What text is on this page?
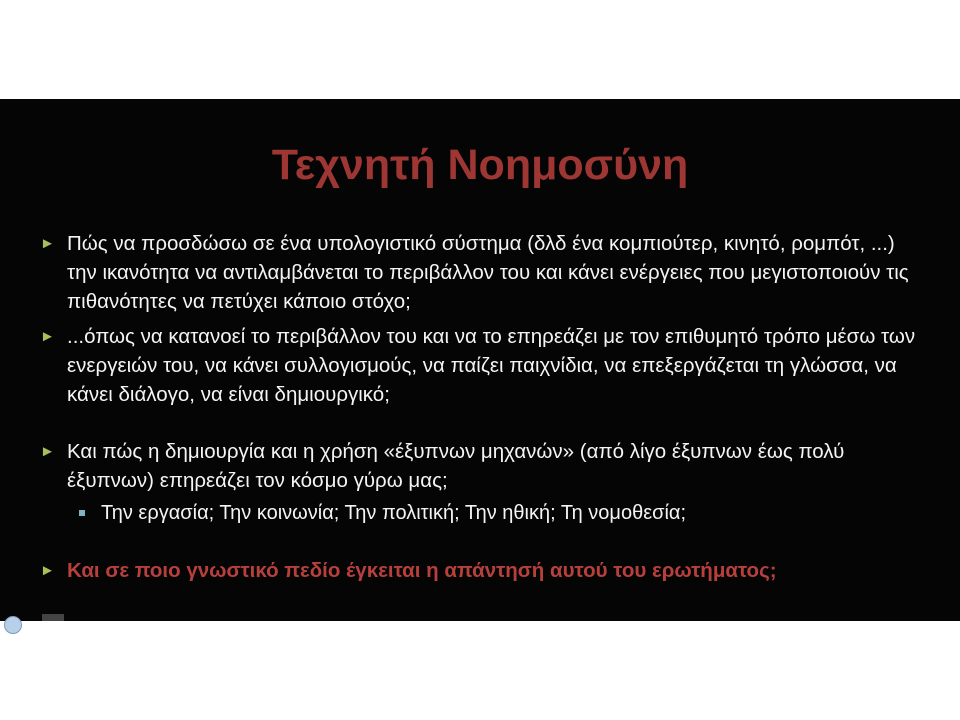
Τεχνητή Νοημοσύνη
► Πώς να προσδώσω σε ένα υπολογιστικό σύστημα (δλδ ένα κομπιούτερ, κινητό, ρομπότ, ...) την ικανότητα να αντιλαμβάνεται το περιβάλλον του και κάνει ενέργειες που μεγιστοποιούν τις πιθανότητες να πετύχει κάποιο στόχο;
► ...όπως να κατανοεί το περιβάλλον του και να το επηρεάζει με τον επιθυμητό τρόπο μέσω των ενεργειών του, να κάνει συλλογισμούς, να παίζει παιχνίδια, να επεξεργάζεται τη γλώσσα, να κάνει διάλογο, να είναι δημιουργικό;
► Και πώς η δημιουργία και η χρήση «έξυπνων μηχανών» (από λίγο έξυπνων έως πολύ έξυπνων) επηρεάζει τον κόσμο γύρω μας;
Την εργασία; Την κοινωνία; Την πολιτική; Την ηθική; Τη νομοθεσία;
► Και σε ποιο γνωστικό πεδίο έγκειται η απάντησή αυτού του ερωτήματος;
